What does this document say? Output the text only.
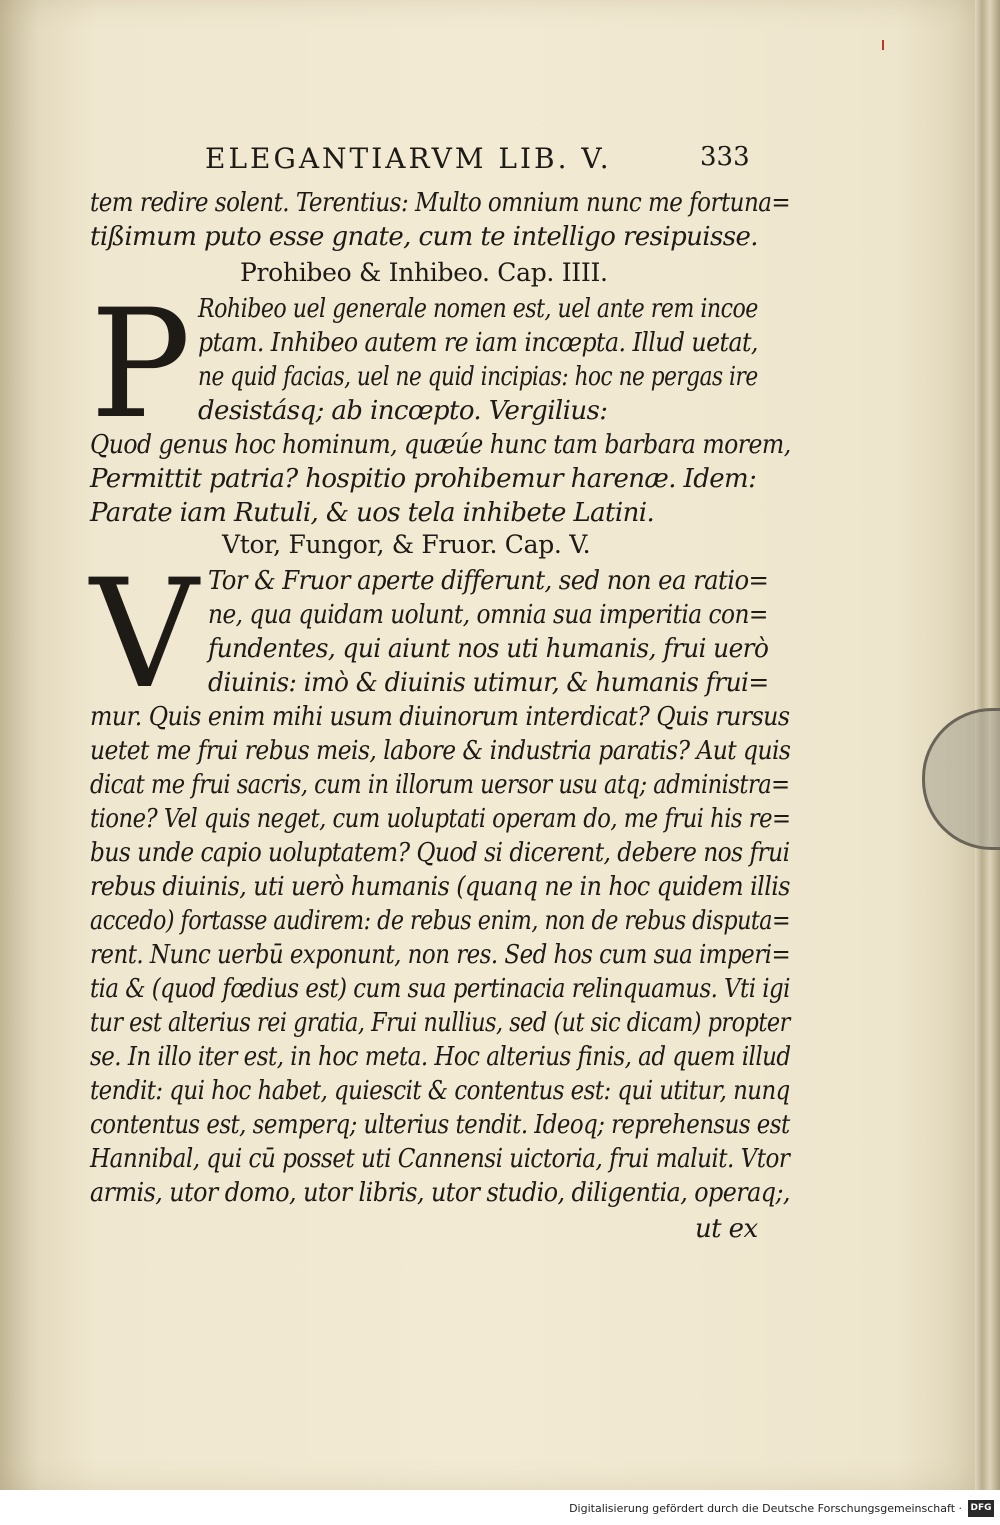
ELEGANTIARVM LIB. V.	333
tem redire solent. Terentius: Multo omnium nunc me fortuna=
tißimum puto esse gnate, cum te intelligo resipuisse.
Prohibeo & Inhibeo. Cap. IIII.
P Rohibeo uel generale nomen est, uel ante rem incoe
ptam. Inhibeo autem re iam incœpta. Illud uetat,
ne quid facias, uel ne quid incipias: hoc ne pergas ire
desistásq; ab incœpto. Vergilius:
Quod genus hoc hominum, quæúe hunc tam barbara morem,
Permittit patria? hospitio prohibemur harenæ. Idem:
Parate iam Rutuli, & uos tela inhibete Latini.
Vtor, Fungor, & Fruor. Cap. V.
V Tor & Fruor aperte differunt, sed non ea ratio=
ne, qua quidam uolunt, omnia sua imperitia con=
fundentes, qui aiunt nos uti humanis, frui uerò
diuinis: imò & diuinis utimur, & humanis frui=
mur. Quis enim mihi usum diuinorum interdicat? Quis rursus
uetet me frui rebus meis, labore & industria paratis? Aut quis
dicat me frui sacris, cum in illorum uersor usu atq; administra=
tione? Vel quis neget, cum uoluptati operam do, me frui his re=
bus unde capio uoluptatem? Quod si dicerent, debere nos frui
rebus diuinis, uti uerò humanis (quanq ne in hoc quidem illis
accedo) fortasse audirem: de rebus enim, non de rebus disputa=
rent. Nunc uerbū exponunt, non res. Sed hos cum sua imperi=
tia & (quod fœdius est) cum sua pertinacia relinquamus. Vti igi
tur est alterius rei gratia, Frui nullius, sed (ut sic dicam) propter
se. In illo iter est, in hoc meta. Hoc alterius finis, ad quem illud
tendit: qui hoc habet, quiescit & contentus est: qui utitur, nunq
contentus est, semperq; ulterius tendit. Ideoq; reprehensus est
Hannibal, qui cū posset uti Cannensi uictoria, frui maluit. Vtor
armis, utor domo, utor libris, utor studio, diligentia, operaq;,
ut ex
Digitalisierung gefördert durch die Deutsche Forschungsgemeinschaft · DFG
